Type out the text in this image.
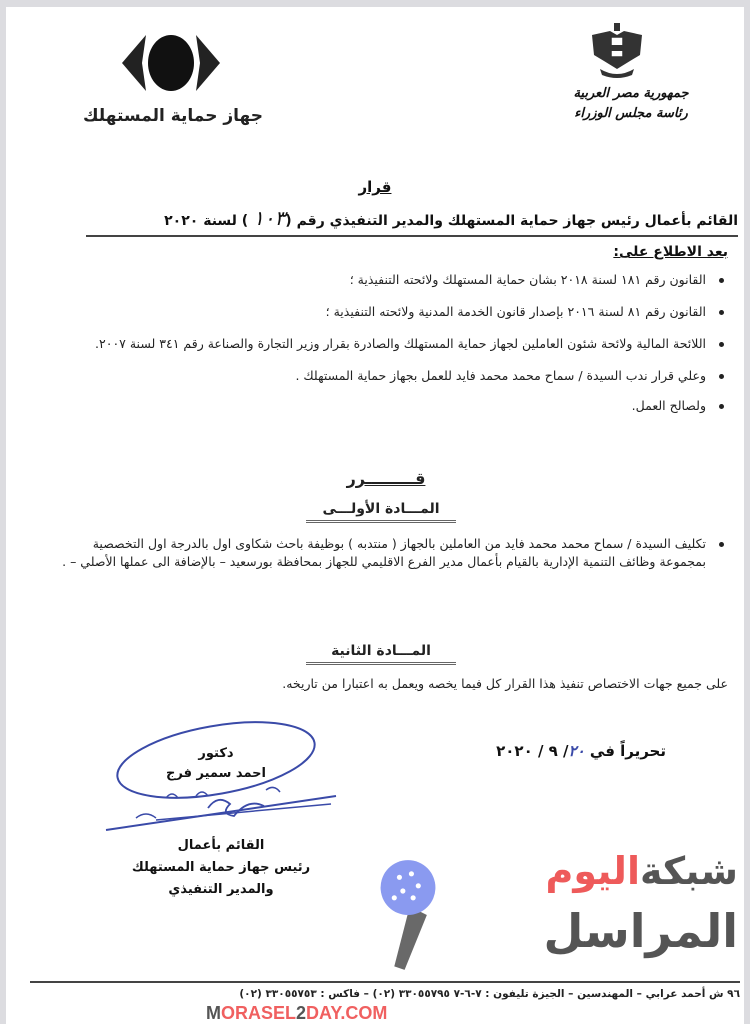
جهاز حماية المستهلك
جمهورية مصر العربية
رئاسة مجلس الوزراء
قرار
القائم بأعمال رئيس جهاز حماية المستهلك والمدير التنفيذي رقم (١٠٣ ) لسنة ٢٠٢٠
بعد الاطلاع على:
القانون رقم ١٨١ لسنة ٢٠١٨ بشان حماية المستهلك ولائحته التنفيذية ؛
القانون رقم ٨١ لسنة ٢٠١٦ بإصدار قانون الخدمة المدنية ولائحته التنفيذية ؛
اللائحة المالية ولائحة شئون العاملين لجهاز حماية المستهلك والصادرة بقرار وزير التجارة والصناعة رقم ٣٤١ لسنة ٢٠٠٧.
وعلي قرار ندب السيدة / سماح محمد محمد فايد للعمل بجهاز حماية المستهلك .
ولصالح العمل.
قـــــــــرر
المـــادة الأولـــى
تكليف السيدة / سماح محمد محمد فايد من العاملين بالجهاز ( منتدبه ) بوظيفة باحث شكاوى اول بالدرجة اول التخصصية بمجموعة وظائف التنمية الإدارية بالقيام بأعمال مدير الفرع الاقليمي للجهاز بمحافظة بورسعيد – بالإضافة الى عملها الأصلي – .
المـــادة الثانية
على جميع جهات الاختصاص تنفيذ هذا القرار كل فيما يخصه ويعمل به اعتبارا من تاريخه.
تحريراً في ٢٠/ ٩ / ٢٠٢٠
دكتور
احمد سمير فرج
القائم بأعمال
رئيس جهاز حماية المستهلك
والمدير التنفيذي	شبكةاليوم
المراسل
٩٦ ش أحمد عرابي – المهندسين – الجيزة تليفون : ٧-٦-٧ ٣٣٠٥٥٧٩٥ (٠٢) – فاكس : ٣٣٠٥٥٧٥٣ (٠٢)
MORASEL2DAY.COM
